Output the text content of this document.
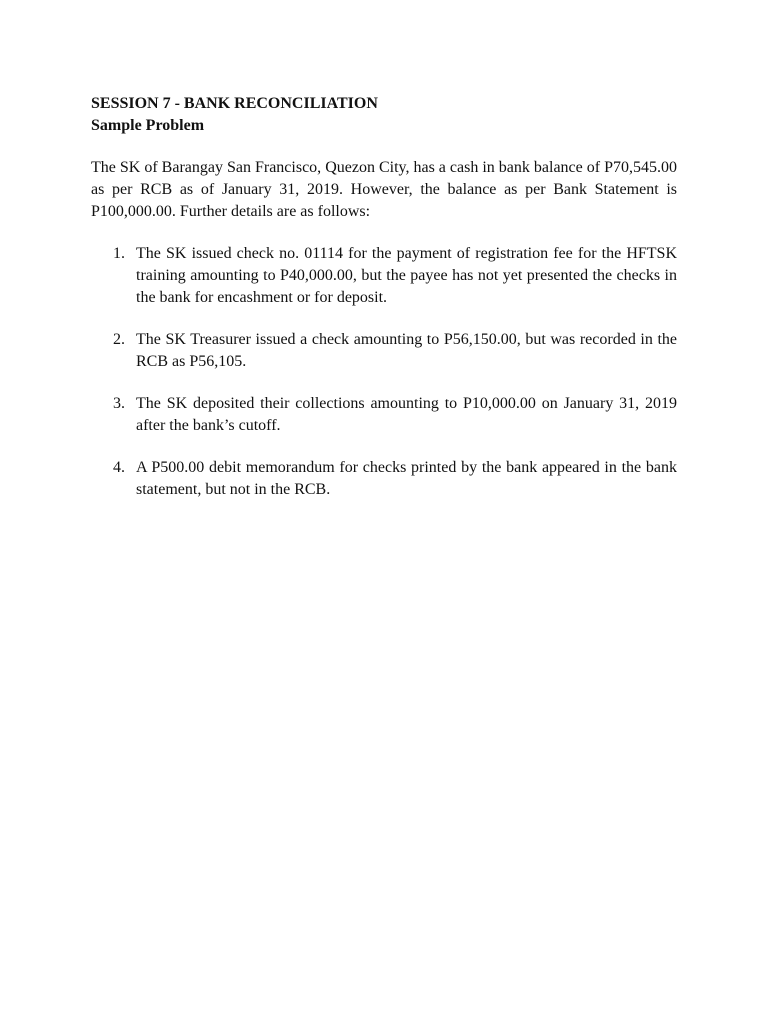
SESSION 7 - BANK RECONCILIATION

Sample Problem

The SK of Barangay San Francisco, Quezon City, has a cash in bank balance of P70,545.00 as per RCB as of January 31, 2019. However, the balance as per Bank Statement is P100,000.00. Further details are as follows:

1. The SK issued check no. 01114 for the payment of registration fee for the HFTSK training amounting to P40,000.00, but the payee has not yet presented the checks in the bank for encashment or for deposit.
2. The SK Treasurer issued a check amounting to P56,150.00, but was recorded in the RCB as P56,105.
3. The SK deposited their collections amounting to P10,000.00 on January 31, 2019 after the bank’s cutoff.
4. A P500.00 debit memorandum for checks printed by the bank appeared in the bank statement, but not in the RCB.
